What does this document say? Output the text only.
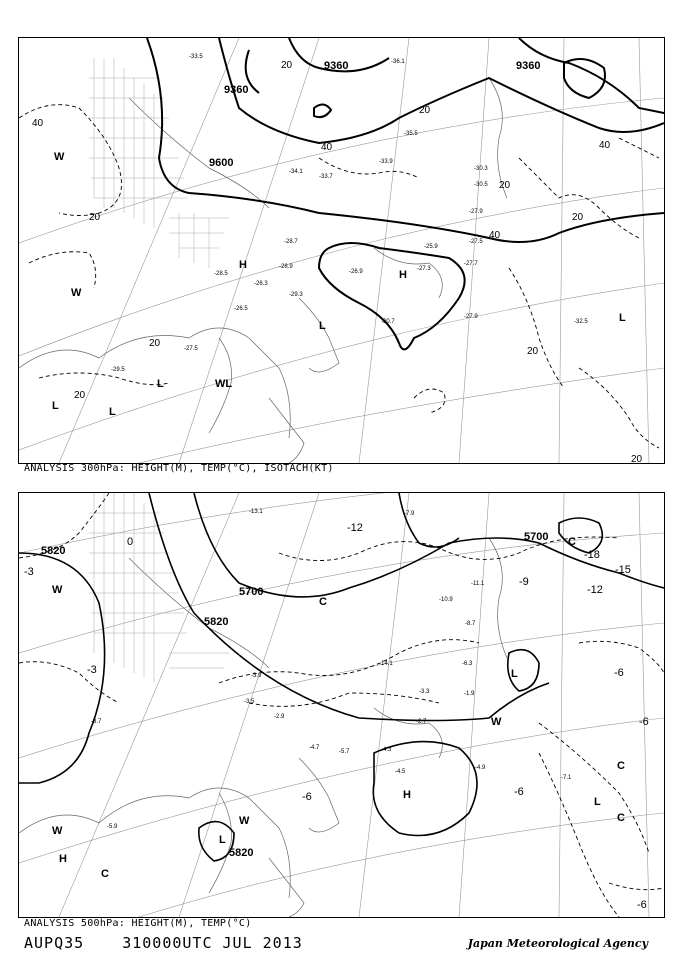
9360
9360	9360
9600
40
40	40
20
20
20
20
20
20
20
40
20
20
W
W
H
L
L
L
WL
L
H
L
-36.1
-35.5
-34.1
-33.7
-33.9
-30.3
-30.5
-27.9
-27.5
-27.7
-28.7
-28.9
-25.9
-26.3
-26.5
-27.5
-29.5
-30.7
-27.9
-32.5
-29.3
-28.5	-26.9
-33.5
-27.3
ANALYSIS 300hPa: HEIGHT(M), TEMP(°C), ISOTACH(KT)
5820
5820
5700
5700
5820
0
-3
-3	-6
-6
-9
-12
-12
-15
-18
-6
-6
-6
W
W
W
H
C
L
L
C
C
L
H
C
C
W
-11.1
-10.9
-8.7
-6.3
-4.3
-4.5
-4.9
-7.1
-3.7
-5.9
-7.9
-13.1
-14.1
-3.9
-3.3
-4.7
-5.7
-2.9
-3.5
-1.9
-2.7
ANALYSIS 500hPa: HEIGHT(M), TEMP(°C)
AUPQ35	310000UTC JUL 2013	Japan Meteorological Agency
